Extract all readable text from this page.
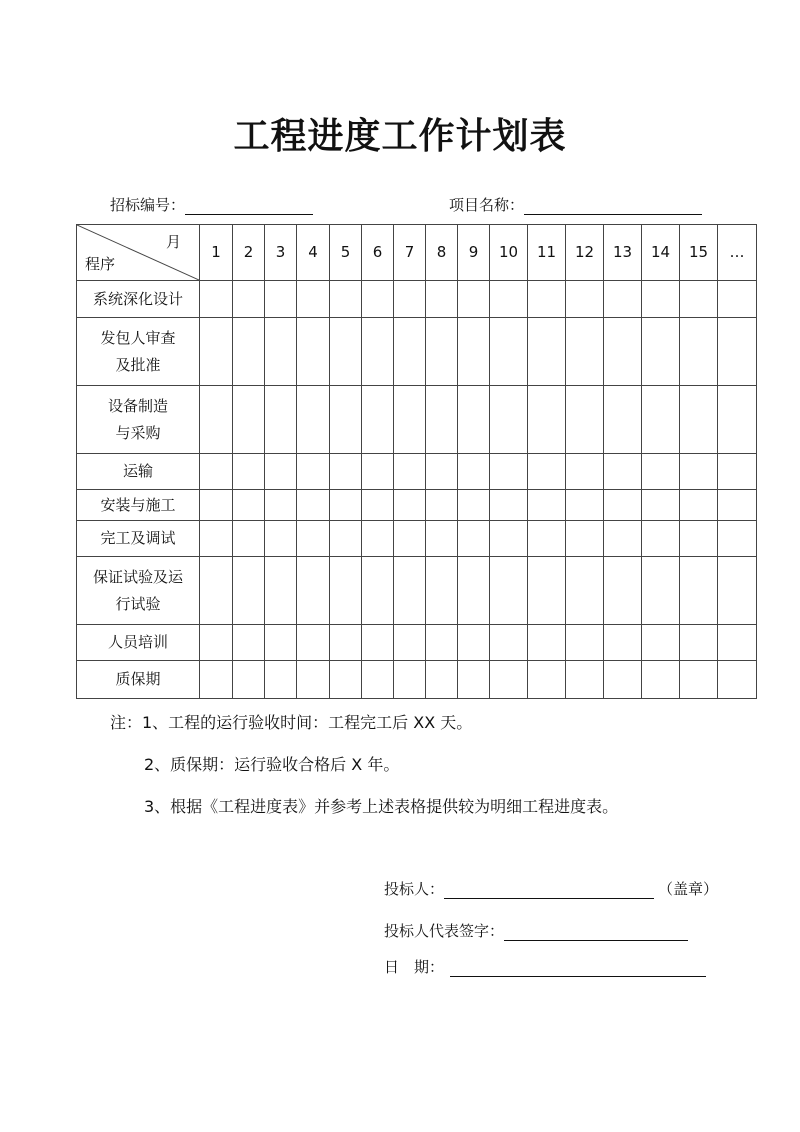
工程进度工作计划表
招标编号：	项目名称：
月
程序	1	2	3	4	5	6	7	8	9	10	11	12	13	14	15	…

系统深化设计																

发包人审查
及批准																

设备制造
与采购																

运输																

安装与施工																

完工及调试																

保证试验及运
行试验																

人员培训																

质保期																

注：1、工程的运行验收时间：工程完工后 XX 天。
2、质保期：运行验收合格后 X 年。
3、根据《工程进度表》并参考上述表格提供较为明细工程进度表。
投标人：	（盖章）
投标人代表签字：
日　期：
